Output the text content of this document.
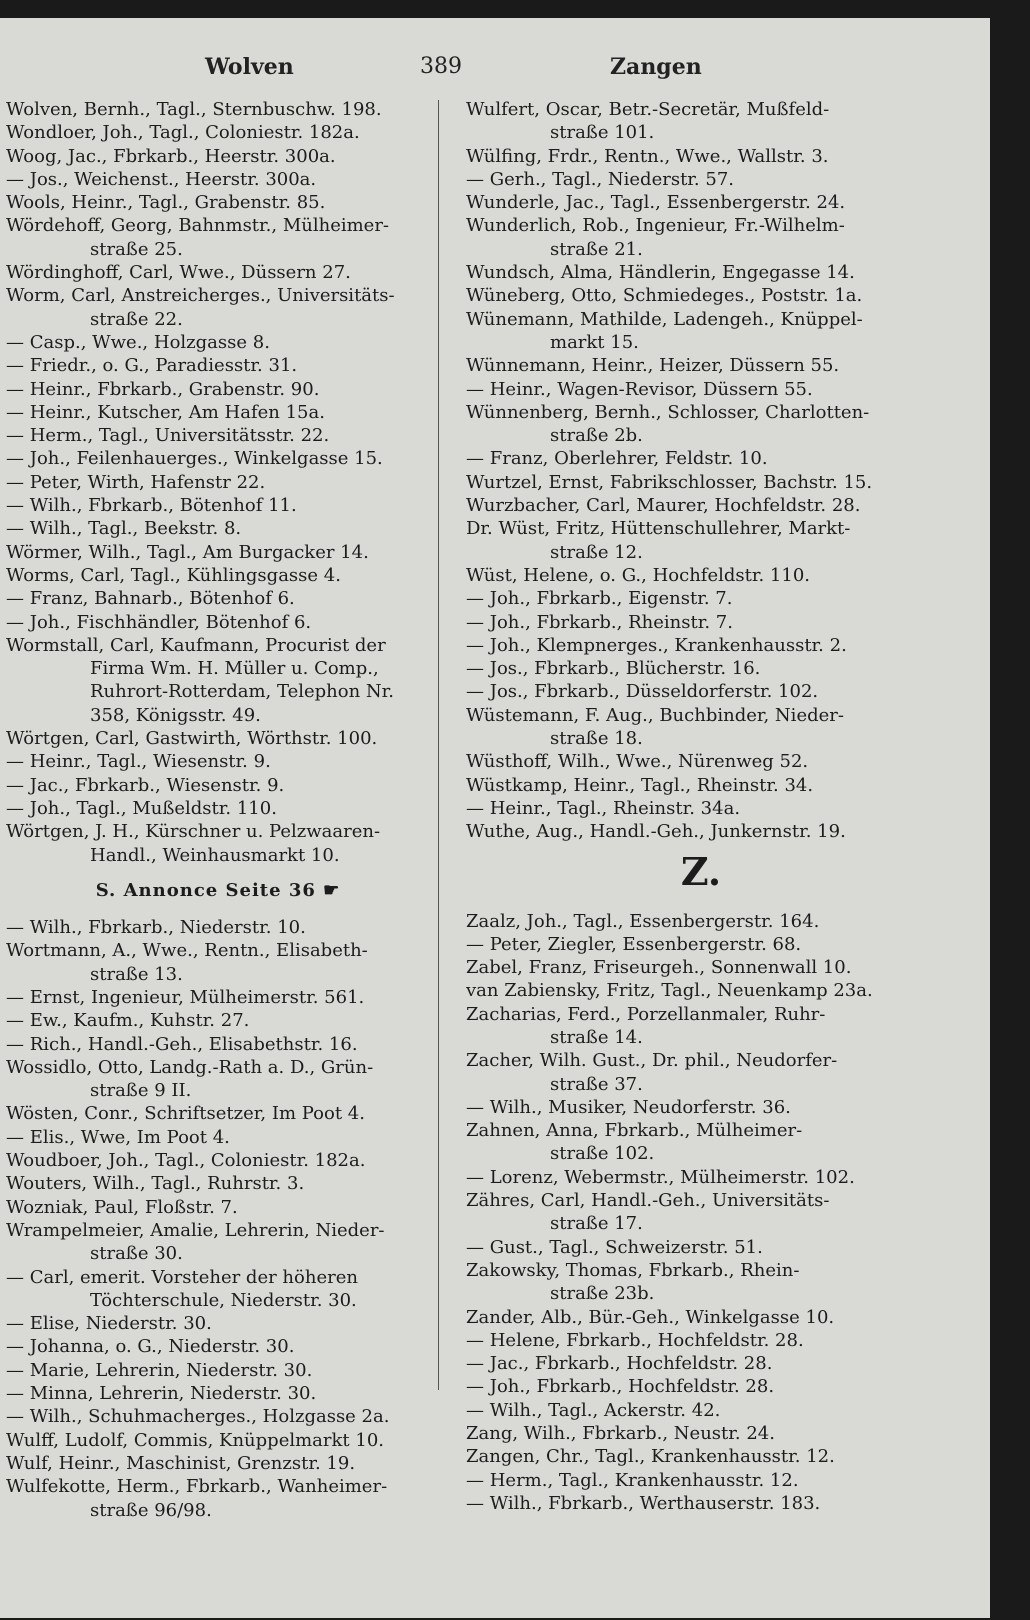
Wolven	389	Zangen
Wolven, Bernh., Tagl., Sternbuschw. 198.
Wondloer, Joh., Tagl., Coloniestr. 182a.
Woog, Jac., Fbrkarb., Heerstr. 300a.
— Jos., Weichenst., Heerstr. 300a.
Wools, Heinr., Tagl., Grabenstr. 85.
Wördehoff, Georg, Bahnmstr., Mülheimer-
straße 25.
Wördinghoff, Carl, Wwe., Düssern 27.
Worm, Carl, Anstreicherges., Universitäts-
straße 22.
— Casp., Wwe., Holzgasse 8.
— Friedr., o. G., Paradiesstr. 31.
— Heinr., Fbrkarb., Grabenstr. 90.
— Heinr., Kutscher, Am Hafen 15a.
— Herm., Tagl., Universitätsstr. 22.
— Joh., Feilenhauerges., Winkelgasse 15.
— Peter, Wirth, Hafenstr 22.
— Wilh., Fbrkarb., Bötenhof 11.
— Wilh., Tagl., Beekstr. 8.
Wörmer, Wilh., Tagl., Am Burgacker 14.
Worms, Carl, Tagl., Kühlingsgasse 4.
— Franz, Bahnarb., Bötenhof 6.
— Joh., Fischhändler, Bötenhof 6.
Wormstall, Carl, Kaufmann, Procurist der
Firma Wm. H. Müller u. Comp.,
Ruhrort-Rotterdam, Telephon Nr.
358, Königsstr. 49.
Wörtgen, Carl, Gastwirth, Wörthstr. 100.
— Heinr., Tagl., Wiesenstr. 9.
— Jac., Fbrkarb., Wiesenstr. 9.
— Joh., Tagl., Mußeldstr. 110.
Wörtgen, J. H., Kürschner u. Pelzwaaren-
Handl., Weinhausmarkt 10.
S. Annonce Seite 36 ☛
— Wilh., Fbrkarb., Niederstr. 10.
Wortmann, A., Wwe., Rentn., Elisabeth-
straße 13.
— Ernst, Ingenieur, Mülheimerstr. 561.
— Ew., Kaufm., Kuhstr. 27.
— Rich., Handl.-Geh., Elisabethstr. 16.
Wossidlo, Otto, Landg.-Rath a. D., Grün-
straße 9 II.
Wösten, Conr., Schriftsetzer, Im Poot 4.
— Elis., Wwe, Im Poot 4.
Woudboer, Joh., Tagl., Coloniestr. 182a.
Wouters, Wilh., Tagl., Ruhrstr. 3.
Wozniak, Paul, Floßstr. 7.
Wrampelmeier, Amalie, Lehrerin, Nieder-
straße 30.
— Carl, emerit. Vorsteher der höheren
Töchterschule, Niederstr. 30.
— Elise, Niederstr. 30.
— Johanna, o. G., Niederstr. 30.
— Marie, Lehrerin, Niederstr. 30.
— Minna, Lehrerin, Niederstr. 30.
— Wilh., Schuhmacherges., Holzgasse 2a.
Wulff, Ludolf, Commis, Knüppelmarkt 10.
Wulf, Heinr., Maschinist, Grenzstr. 19.
Wulfekotte, Herm., Fbrkarb., Wanheimer-
straße 96/98.
Wulfert, Oscar, Betr.-Secretär, Mußfeld-
straße 101.
Wülfing, Frdr., Rentn., Wwe., Wallstr. 3.
— Gerh., Tagl., Niederstr. 57.
Wunderle, Jac., Tagl., Essenbergerstr. 24.
Wunderlich, Rob., Ingenieur, Fr.-Wilhelm-
straße 21.
Wundsch, Alma, Händlerin, Engegasse 14.
Wüneberg, Otto, Schmiedeges., Poststr. 1a.
Wünemann, Mathilde, Ladengeh., Knüppel-
markt 15.
Wünnemann, Heinr., Heizer, Düssern 55.
— Heinr., Wagen-Revisor, Düssern 55.
Wünnenberg, Bernh., Schlosser, Charlotten-
straße 2b.
— Franz, Oberlehrer, Feldstr. 10.
Wurtzel, Ernst, Fabrikschlosser, Bachstr. 15.
Wurzbacher, Carl, Maurer, Hochfeldstr. 28.
Dr. Wüst, Fritz, Hüttenschullehrer, Markt-
straße 12.
Wüst, Helene, o. G., Hochfeldstr. 110.
— Joh., Fbrkarb., Eigenstr. 7.
— Joh., Fbrkarb., Rheinstr. 7.
— Joh., Klempnerges., Krankenhausstr. 2.
— Jos., Fbrkarb., Blücherstr. 16.
— Jos., Fbrkarb., Düsseldorferstr. 102.
Wüstemann, F. Aug., Buchbinder, Nieder-
straße 18.
Wüsthoff, Wilh., Wwe., Nürenweg 52.
Wüstkamp, Heinr., Tagl., Rheinstr. 34.
— Heinr., Tagl., Rheinstr. 34a.
Wuthe, Aug., Handl.-Geh., Junkernstr. 19.
Z.
Zaalz, Joh., Tagl., Essenbergerstr. 164.
— Peter, Ziegler, Essenbergerstr. 68.
Zabel, Franz, Friseurgeh., Sonnenwall 10.
van Zabiensky, Fritz, Tagl., Neuenkamp 23a.
Zacharias, Ferd., Porzellanmaler, Ruhr-
straße 14.
Zacher, Wilh. Gust., Dr. phil., Neudorfer-
straße 37.
— Wilh., Musiker, Neudorferstr. 36.
Zahnen, Anna, Fbrkarb., Mülheimer-
straße 102.
— Lorenz, Webermstr., Mülheimerstr. 102.
Zähres, Carl, Handl.-Geh., Universitäts-
straße 17.
— Gust., Tagl., Schweizerstr. 51.
Zakowsky, Thomas, Fbrkarb., Rhein-
straße 23b.
Zander, Alb., Bür.-Geh., Winkelgasse 10.
— Helene, Fbrkarb., Hochfeldstr. 28.
— Jac., Fbrkarb., Hochfeldstr. 28.
— Joh., Fbrkarb., Hochfeldstr. 28.
— Wilh., Tagl., Ackerstr. 42.
Zang, Wilh., Fbrkarb., Neustr. 24.
Zangen, Chr., Tagl., Krankenhausstr. 12.
— Herm., Tagl., Krankenhausstr. 12.
— Wilh., Fbrkarb., Werthauserstr. 183.
